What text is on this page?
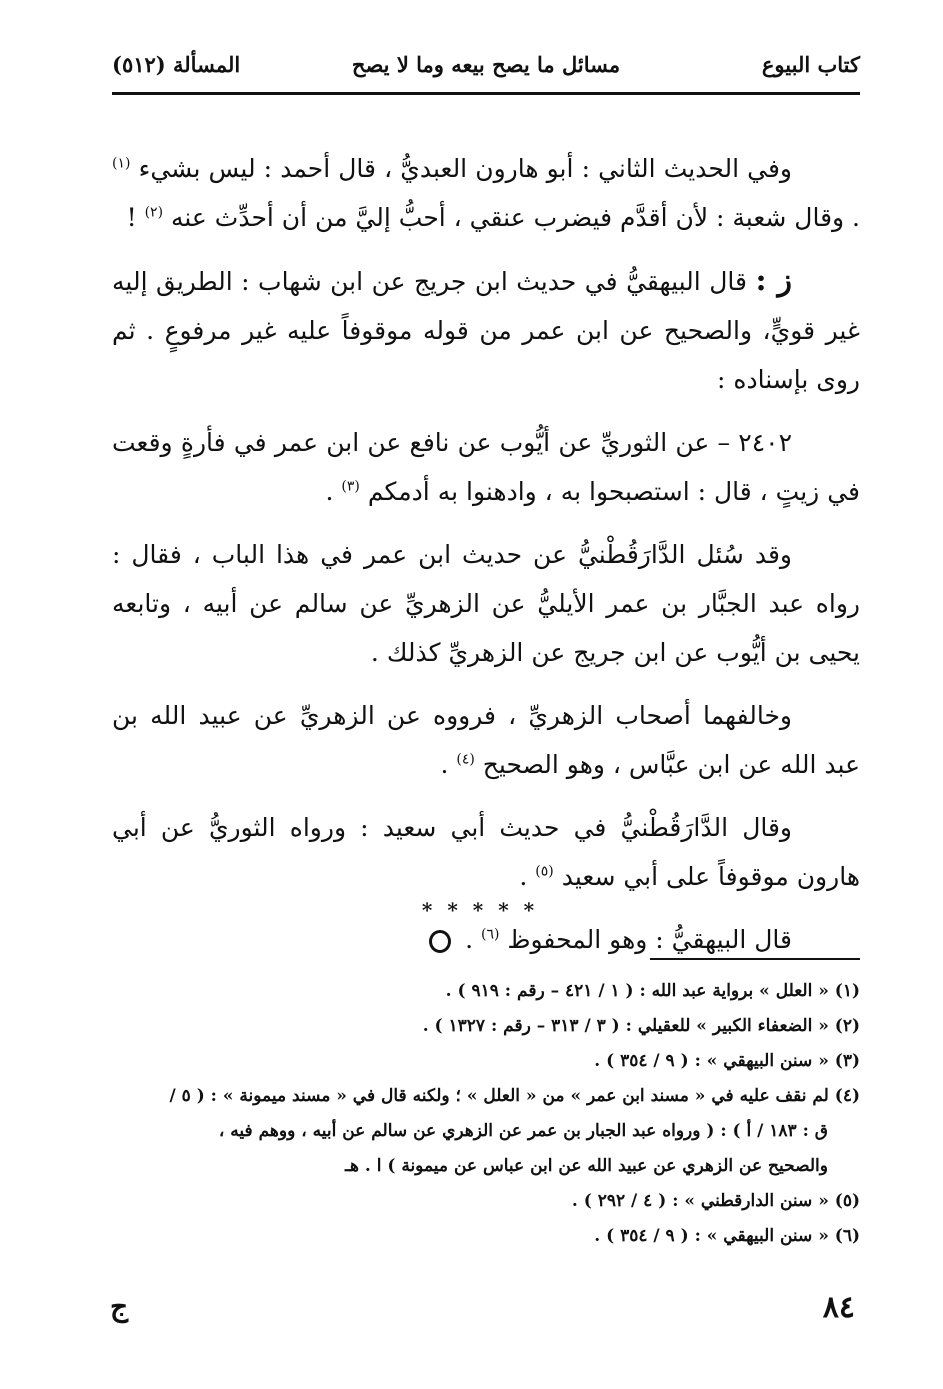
كتاب البيوع
مسائل ما يصح بيعه وما لا يصح
المسألة (٥١٢)

وفي الحديث الثاني : أبو هارون العبديُّ ، قال أحمد : ليس بشيء $^{(١)}$ . وقال شعبة : لأن أقدَّم فيضرب عنقي ، أحبُّ إليَّ من أن أحدِّث عنه $^{(٢)}$ !

ز : قال البيهقيُّ في حديث ابن جريج عن ابن شهاب : الطريق إليه غير قويٍّ، والصحيح عن ابن عمر من قوله موقوفاً عليه غير مرفوعٍ . ثم روى بإسناده :

٢٤٠٢ – عن الثوريِّ عن أيُّوب عن نافع عن ابن عمر في فأرةٍ وقعت في زيتٍ ، قال : استصبحوا به ، وادهنوا به أدمكم $^{(٣)}$ .

وقد سُئل الدَّارَقُطْنيُّ عن حديث ابن عمر في هذا الباب ، فقال : رواه عبد الجبَّار بن عمر الأيليُّ عن الزهريِّ عن سالم عن أبيه ، وتابعه يحيى بن أيُّوب عن ابن جريج عن الزهريِّ كذلك .

وخالفهما أصحاب الزهريِّ ، فرووه عن الزهريِّ عن عبيد الله بن عبد الله عن ابن عبَّاس ، وهو الصحيح $^{(٤)}$ .

وقال الدَّارَقُطْنيُّ في حديث أبي سعيد : ورواه الثوريُّ عن أبي هارون موقوفاً على أبي سعيد $^{(٥)}$ .

قال البيهقيُّ : وهو المحفوظ $^{(٦)}$ .

* * * * *

(١) « العلل » برواية عبد الله : ( ١ / ٤٢١ – رقم : ٩١٩ ) .

(٢) « الضعفاء الكبير » للعقيلي : ( ٣ / ٣١٣ – رقم : ١٣٢٧ ) .

(٣) « سنن البيهقي » : ( ٩ / ٣٥٤ ) .

(٤) لم نقف عليه في « مسند ابن عمر » من « العلل » ؛ ولكنه قال في « مسند ميمونة » : ( ٥ /

ق : ١٨٣ / أ ) : ( ورواه عبد الجبار بن عمر عن الزهري عن سالم عن أبيه ، ووهم فيه ،

والصحيح عن الزهري عن عبيد الله عن ابن عباس عن ميمونة ) ا . هـ

(٥) « سنن الدارقطني » : ( ٤ / ٢٩٢ ) .

(٦) « سنن البيهقي » : ( ٩ / ٣٥٤ ) .

٨٤
ج
